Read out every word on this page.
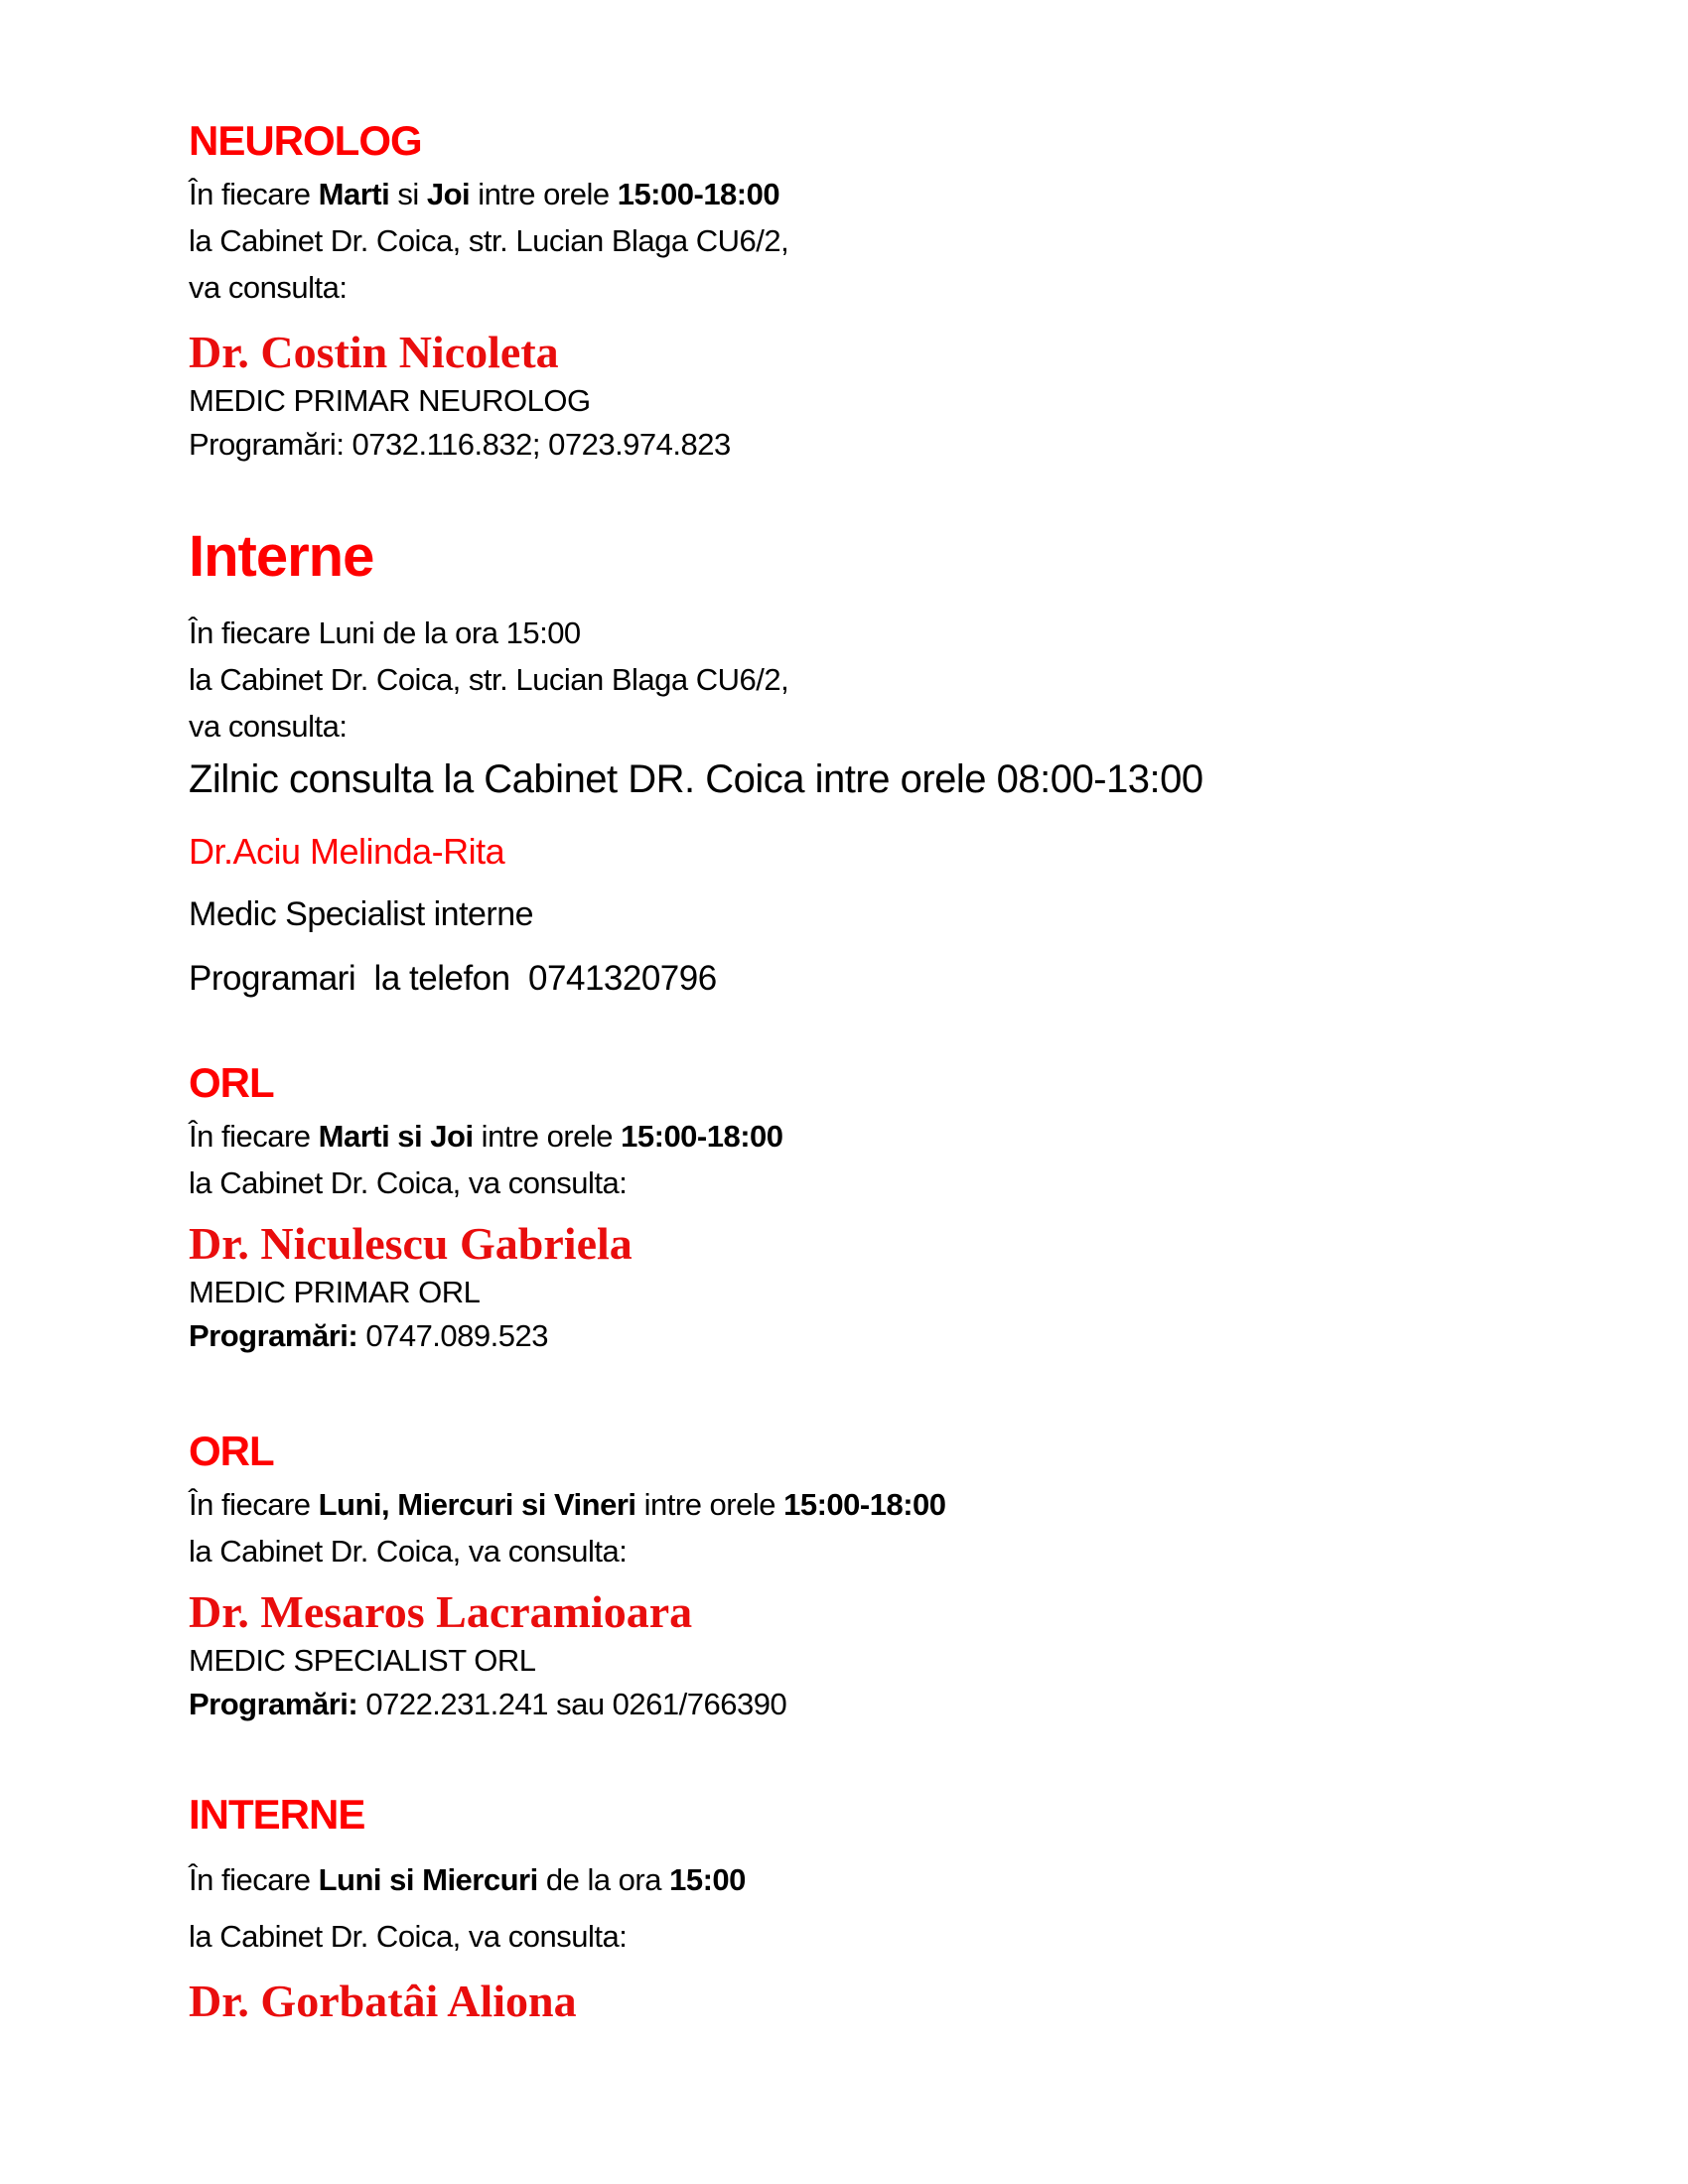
NEUROLOG
În fiecare Marti si Joi intre orele 15:00-18:00
la Cabinet Dr. Coica, str. Lucian Blaga CU6/2,
va consulta:
Dr. Costin Nicoleta
MEDIC PRIMAR NEUROLOG
Programări: 0732.116.832; 0723.974.823
Interne
În fiecare Luni de la ora 15:00
la Cabinet Dr. Coica, str. Lucian Blaga CU6/2,
va consulta:
Zilnic consulta la Cabinet DR. Coica intre orele 08:00-13:00
Dr.Aciu Melinda-Rita
Medic Specialist interne
Programari  la telefon  0741320796
ORL
În fiecare Marti si Joi intre orele 15:00-18:00
la Cabinet Dr. Coica, va consulta:
Dr. Niculescu Gabriela
MEDIC PRIMAR ORL
Programări: 0747.089.523
ORL
În fiecare Luni, Miercuri si Vineri intre orele 15:00-18:00
la Cabinet Dr. Coica, va consulta:
Dr. Mesaros Lacramioara
MEDIC SPECIALIST ORL
Programări: 0722.231.241 sau 0261/766390
INTERNE
În fiecare Luni si Miercuri de la ora 15:00
la Cabinet Dr. Coica, va consulta:
Dr. Gorbatâi Aliona
